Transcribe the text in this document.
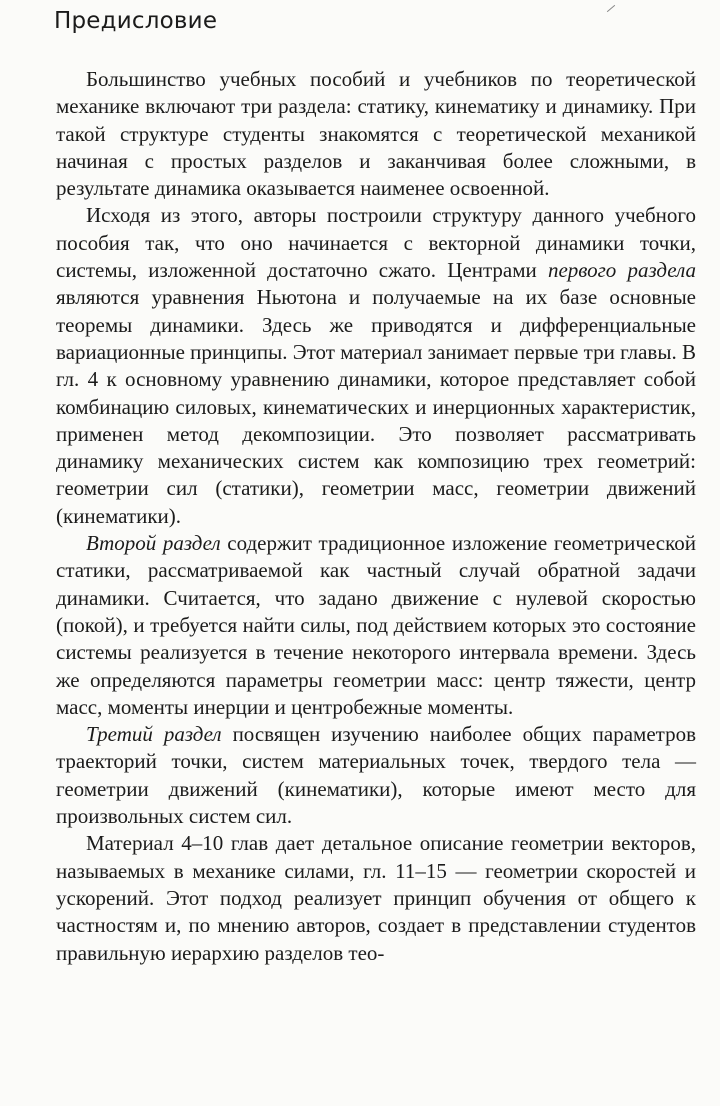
Предисловие

Большинство учебных пособий и учебников по теоретической механике включают три раздела: статику, кинематику и динамику. При такой структуре студенты знакомятся с теоретической механикой начиная с простых разделов и заканчивая более сложными, в результате динамика оказывается наименее освоенной.

Исходя из этого, авторы построили структуру данного учебного пособия так, что оно начинается с векторной динамики точки, системы, изложенной достаточно сжато. Центрами первого раздела являются уравнения Ньютона и получаемые на их базе основные теоремы динамики. Здесь же приводятся и дифференциальные вариационные принципы. Этот материал занимает первые три главы. В гл. 4 к основному уравнению динамики, которое представляет собой комбинацию силовых, кинематических и инерционных характеристик, применен метод декомпозиции. Это позволяет рассматривать динамику механических систем как композицию трех геометрий: геометрии сил (статики), геометрии масс, геометрии движений (кинематики).

Второй раздел содержит традиционное изложение геометрической статики, рассматриваемой как частный случай обратной задачи динамики. Считается, что задано движение с нулевой скоростью (покой), и требуется найти силы, под действием которых это состояние системы реализуется в течение некоторого интервала времени. Здесь же определяются параметры геометрии масс: центр тяжести, центр масс, моменты инерции и центробежные моменты.

Третий раздел посвящен изучению наиболее общих параметров траекторий точки, систем материальных точек, твердого тела — геометрии движений (кинематики), которые имеют место для произвольных систем сил.

Материал 4–10 глав дает детальное описание геометрии векторов, называемых в механике силами, гл. 11–15 — геометрии скоростей и ускорений. Этот подход реализует принцип обучения от общего к частностям и, по мнению авторов, создает в представлении студентов правильную иерархию разделов тео-
